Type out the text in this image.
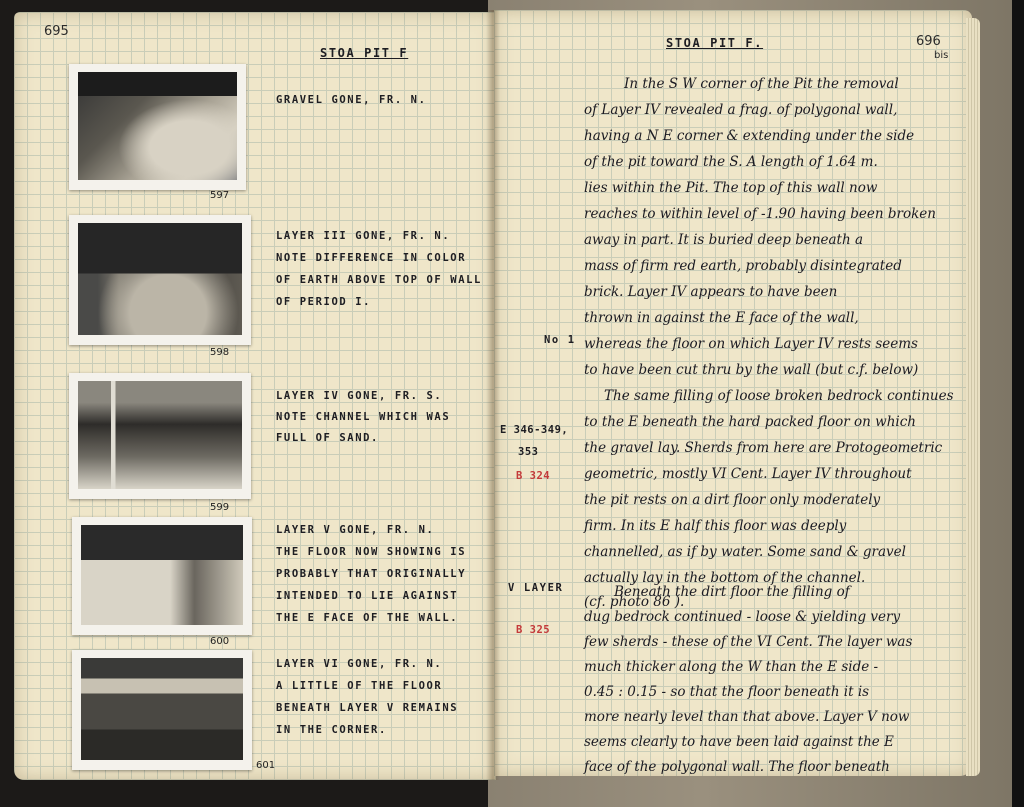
695
STOA PIT F
597
598
599
600
601
GRAVEL GONE, FR. N.
LAYER III GONE, FR. N.
NOTE DIFFERENCE IN COLOR
OF EARTH ABOVE TOP OF WALL
OF PERIOD I.
LAYER IV GONE, FR. S.
NOTE CHANNEL WHICH WAS
FULL OF SAND.
LAYER V GONE, FR. N.
THE FLOOR NOW SHOWING IS
PROBABLY THAT ORIGINALLY
INTENDED TO LIE AGAINST
THE E FACE OF THE WALL.
LAYER VI GONE, FR. N.
A LITTLE OF THE FLOOR
BENEATH LAYER V REMAINS
IN THE CORNER.
STOA PIT F.	696
bis
No 1
E 346-349,
353
B 324
V LAYER
B 325
In the S W corner of the Pit the removal
of Layer IV revealed a frag. of polygonal wall,
having a N E corner & extending under the side
of the pit toward the S. A length of 1.64 m.
lies within the Pit. The top of this wall now
reaches to within level of -1.90 having been broken
away in part. It is buried deep beneath a
mass of firm red earth, probably disintegrated
brick. Layer IV appears to have been
thrown in against the E face of the wall,
whereas the floor on which Layer IV rests seems
to have been cut thru by the wall (but c.f. below)
The same filling of loose broken bedrock continues
to the E beneath the hard packed floor on which
the gravel lay. Sherds from here are Protogeometric
geometric, mostly VI Cent. Layer IV throughout
the pit rests on a dirt floor only moderately
firm. In its E half this floor was deeply
channelled, as if by water. Some sand & gravel
actually lay in the bottom of the channel.
(cf. photo 86 ).
Beneath the dirt floor the filling of
dug bedrock continued - loose & yielding very
few sherds - these of the VI Cent. The layer was
much thicker along the W than the E side -
0.45 : 0.15 - so that the floor beneath it is
more nearly level than that above. Layer V now
seems clearly to have been laid against the E
face of the polygonal wall. The floor beneath
